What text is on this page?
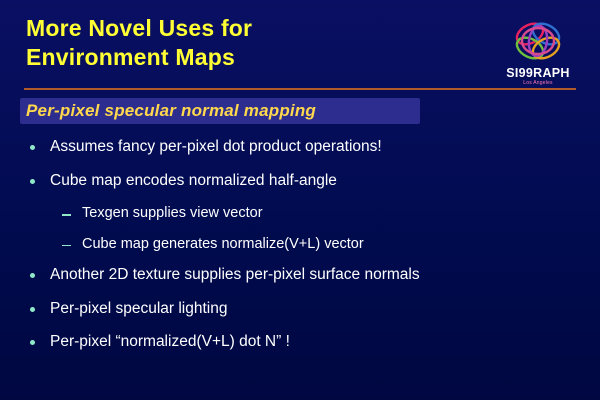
More Novel Uses for
Environment Maps
SI99RAPH
Los Angeles
Per-pixel specular normal mapping
Assumes fancy per-pixel dot product operations!
Cube map encodes normalized half-angle
Texgen supplies view vector
Cube map generates normalize(V+L) vector
Another 2D texture supplies per-pixel surface normals
Per-pixel specular lighting
Per-pixel “normalized(V+L) dot N” !
